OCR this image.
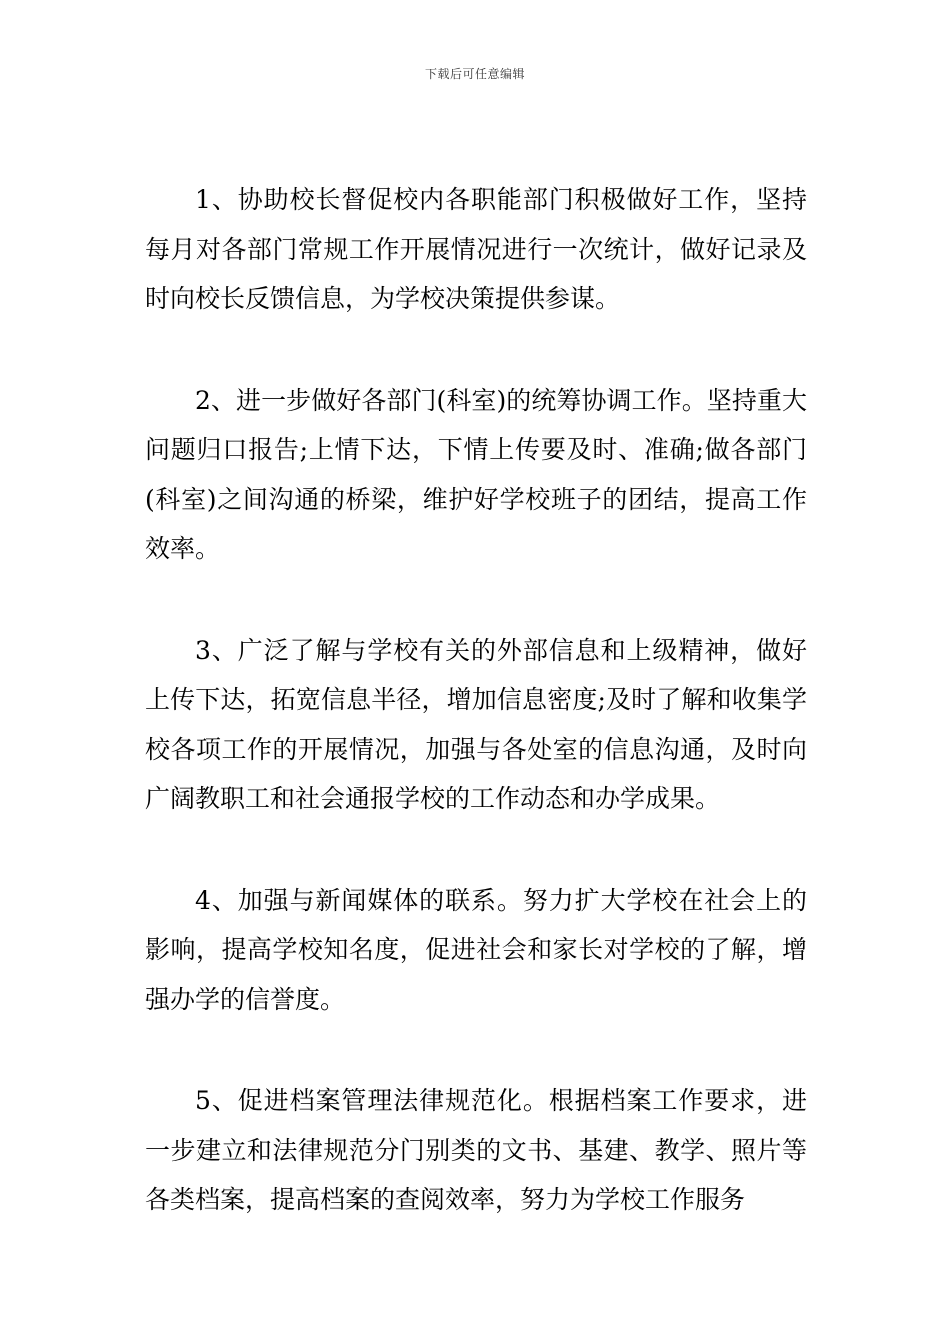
下载后可任意编辑

1、协助校长督促校内各职能部门积极做好工作，坚持每月对各部门常规工作开展情况进行一次统计，做好记录及时向校长反馈信息，为学校决策提供参谋。

2、进一步做好各部门(科室)的统筹协调工作。坚持重大问题归口报告;上情下达，下情上传要及时、准确;做各部门(科室)之间沟通的桥梁，维护好学校班子的团结，提高工作效率。

3、广泛了解与学校有关的外部信息和上级精神，做好上传下达，拓宽信息半径，增加信息密度;及时了解和收集学校各项工作的开展情况，加强与各处室的信息沟通，及时向广阔教职工和社会通报学校的工作动态和办学成果。

4、加强与新闻媒体的联系。努力扩大学校在社会上的影响，提高学校知名度，促进社会和家长对学校的了解，增强办学的信誉度。

5、促进档案管理法律规范化。根据档案工作要求，进一步建立和法律规范分门别类的文书、基建、教学、照片等各类档案，提高档案的查阅效率，努力为学校工作服务
